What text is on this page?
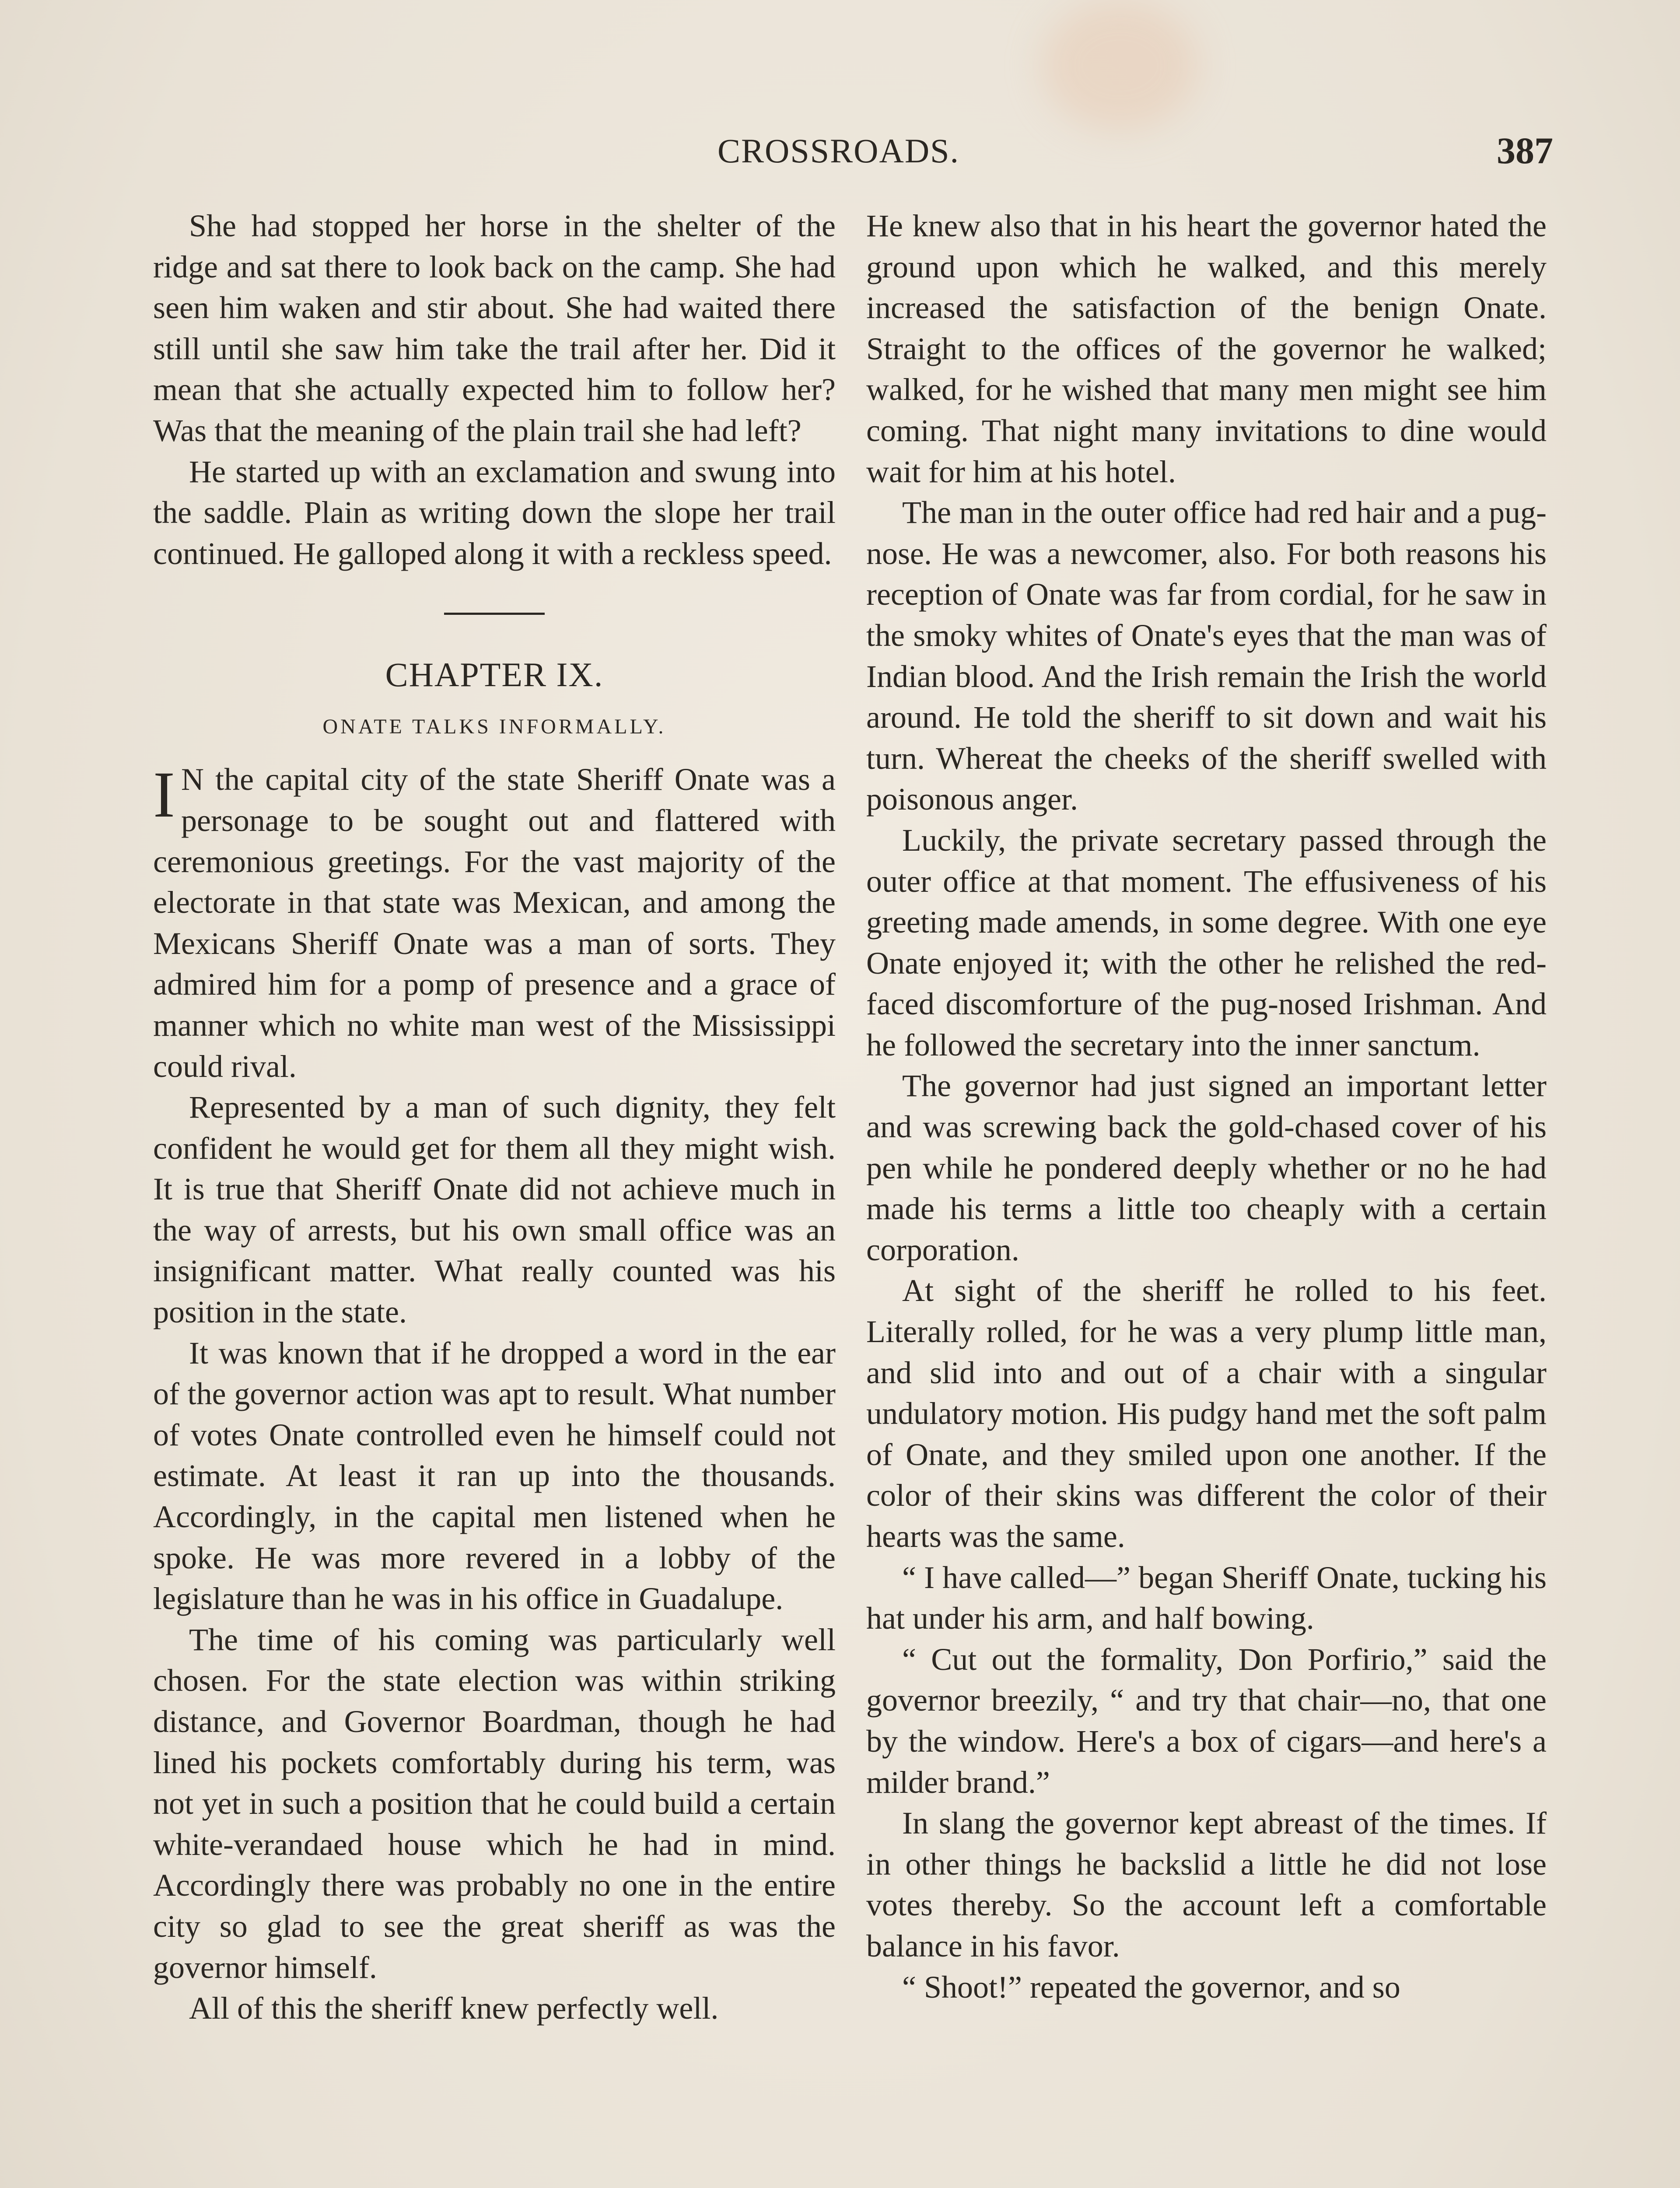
CROSSROADS.	387

She had stopped her horse in the shelter of the ridge and sat there to look back on the camp. She had seen him waken and stir about. She had waited there still until she saw him take the trail after her. Did it mean that she actually expected him to follow her? Was that the meaning of the plain trail she had left?

He started up with an exclamation and swung into the saddle. Plain as writing down the slope her trail continued. He galloped along it with a reckless speed.

CHAPTER IX.
ONATE TALKS INFORMALLY.

I N the capital city of the state Sheriff Onate was a personage to be sought out and flattered with ceremonious greetings. For the vast majority of the electorate in that state was Mexican, and among the Mexicans Sheriff Onate was a man of sorts. They admired him for a pomp of presence and a grace of manner which no white man west of the Mississippi could rival.

Represented by a man of such dignity, they felt confident he would get for them all they might wish. It is true that Sheriff Onate did not achieve much in the way of arrests, but his own small office was an insignificant matter. What really counted was his position in the state.

It was known that if he dropped a word in the ear of the governor action was apt to result. What number of votes Onate controlled even he himself could not estimate. At least it ran up into the thousands. Accordingly, in the capital men listened when he spoke. He was more revered in a lobby of the legislature than he was in his office in Guadalupe.

The time of his coming was particularly well chosen. For the state election was within striking distance, and Governor Boardman, though he had lined his pockets comfortably during his term, was not yet in such a position that he could build a certain white-verandaed house which he had in mind. Accordingly there was probably no one in the entire city so glad to see the great sheriff as was the governor himself.

All of this the sheriff knew perfectly well.

He knew also that in his heart the governor hated the ground upon which he walked, and this merely increased the satisfaction of the benign Onate. Straight to the offices of the governor he walked; walked, for he wished that many men might see him coming. That night many invitations to dine would wait for him at his hotel.

The man in the outer office had red hair and a pug-nose. He was a newcomer, also. For both reasons his reception of Onate was far from cordial, for he saw in the smoky whites of Onate's eyes that the man was of Indian blood. And the Irish remain the Irish the world around. He told the sheriff to sit down and wait his turn. Whereat the cheeks of the sheriff swelled with poisonous anger.

Luckily, the private secretary passed through the outer office at that moment. The effusiveness of his greeting made amends, in some degree. With one eye Onate enjoyed it; with the other he relished the red-faced discomforture of the pug-nosed Irishman. And he followed the secretary into the inner sanctum.

The governor had just signed an important letter and was screwing back the gold-chased cover of his pen while he pondered deeply whether or no he had made his terms a little too cheaply with a certain corporation.

At sight of the sheriff he rolled to his feet. Literally rolled, for he was a very plump little man, and slid into and out of a chair with a singular undulatory motion. His pudgy hand met the soft palm of Onate, and they smiled upon one another. If the color of their skins was different the color of their hearts was the same.

“ I have called—” began Sheriff Onate, tucking his hat under his arm, and half bowing.

“ Cut out the formality, Don Porfirio,” said the governor breezily, “ and try that chair—no, that one by the window. Here's a box of cigars—and here's a milder brand.”

In slang the governor kept abreast of the times. If in other things he backslid a little he did not lose votes thereby. So the account left a comfortable balance in his favor.

“ Shoot!” repeated the governor, and so
